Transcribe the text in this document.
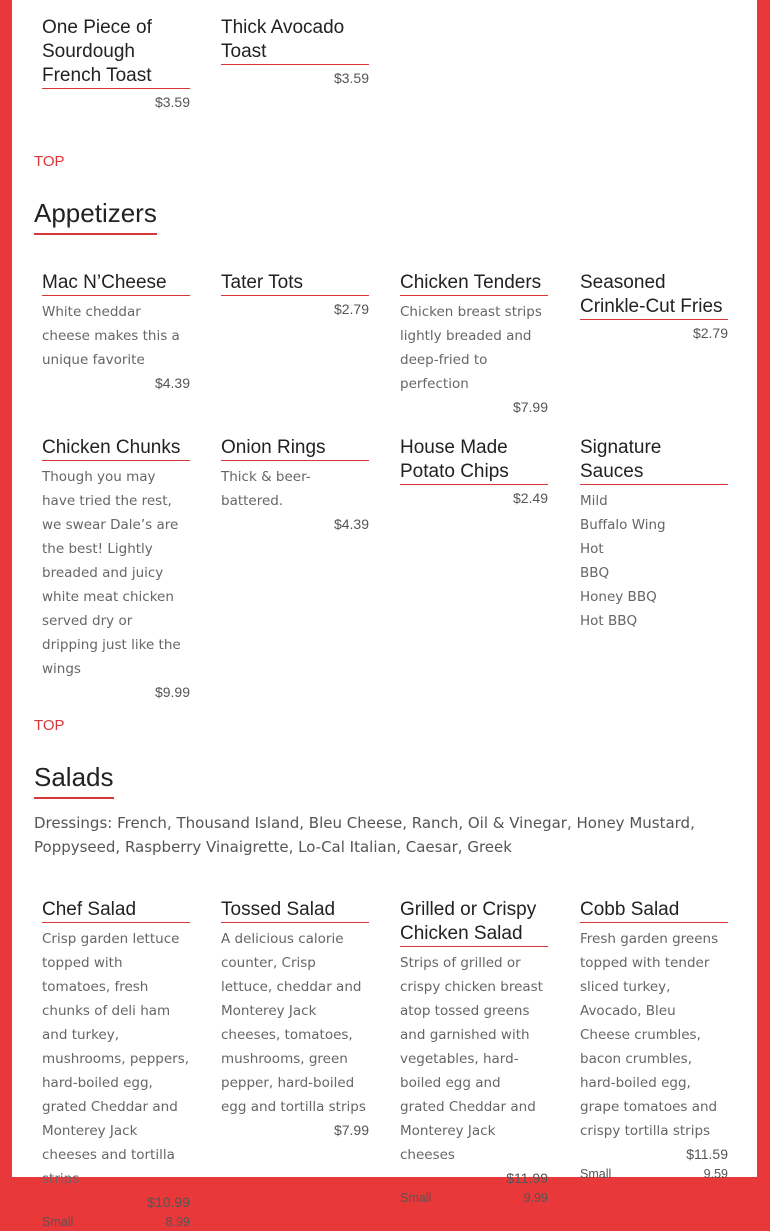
One Piece of Sourdough French Toast
$3.59
Thick Avocado Toast
$3.59
TOP
Appetizers
Mac N’Cheese
White cheddar cheese makes this a unique favorite
$4.39
Tater Tots
$2.79
Chicken Tenders
Chicken breast strips lightly breaded and deep-fried to perfection
$7.99
Seasoned Crinkle-Cut Fries
$2.79
Chicken Chunks
Though you may have tried the rest, we swear Dale’s are the best! Lightly breaded and juicy white meat chicken served dry or dripping just like the wings
$9.99
Onion Rings
Thick & beer-battered.
$4.39
House Made Potato Chips
$2.49
Signature Sauces
Mild
Buffalo Wing
Hot
BBQ
Honey BBQ
Hot BBQ
TOP
Salads
Dressings: French, Thousand Island, Bleu Cheese, Ranch, Oil & Vinegar, Honey Mustard, Poppyseed, Raspberry Vinaigrette, Lo-Cal Italian, Caesar, Greek
Chef Salad
Crisp garden lettuce topped with tomatoes, fresh chunks of deli ham and turkey, mushrooms, peppers, hard-boiled egg, grated Cheddar and Monterey Jack cheeses and tortilla strips
$10.99
Small	8.99
Tossed Salad
A delicious calorie counter, Crisp lettuce, cheddar and Monterey Jack cheeses, tomatoes, mushrooms, green pepper, hard-boiled egg and tortilla strips
$7.99
Grilled or Crispy Chicken Salad
Strips of grilled or crispy chicken breast atop tossed greens and garnished with vegetables, hard-boiled egg and grated Cheddar and Monterey Jack cheeses
$11.99
Small	9.99
Cobb Salad
Fresh garden greens topped with tender sliced turkey, Avocado, Bleu Cheese crumbles, bacon crumbles, hard-boiled egg, grape tomatoes and crispy tortilla strips
$11.59
Small	9.59
